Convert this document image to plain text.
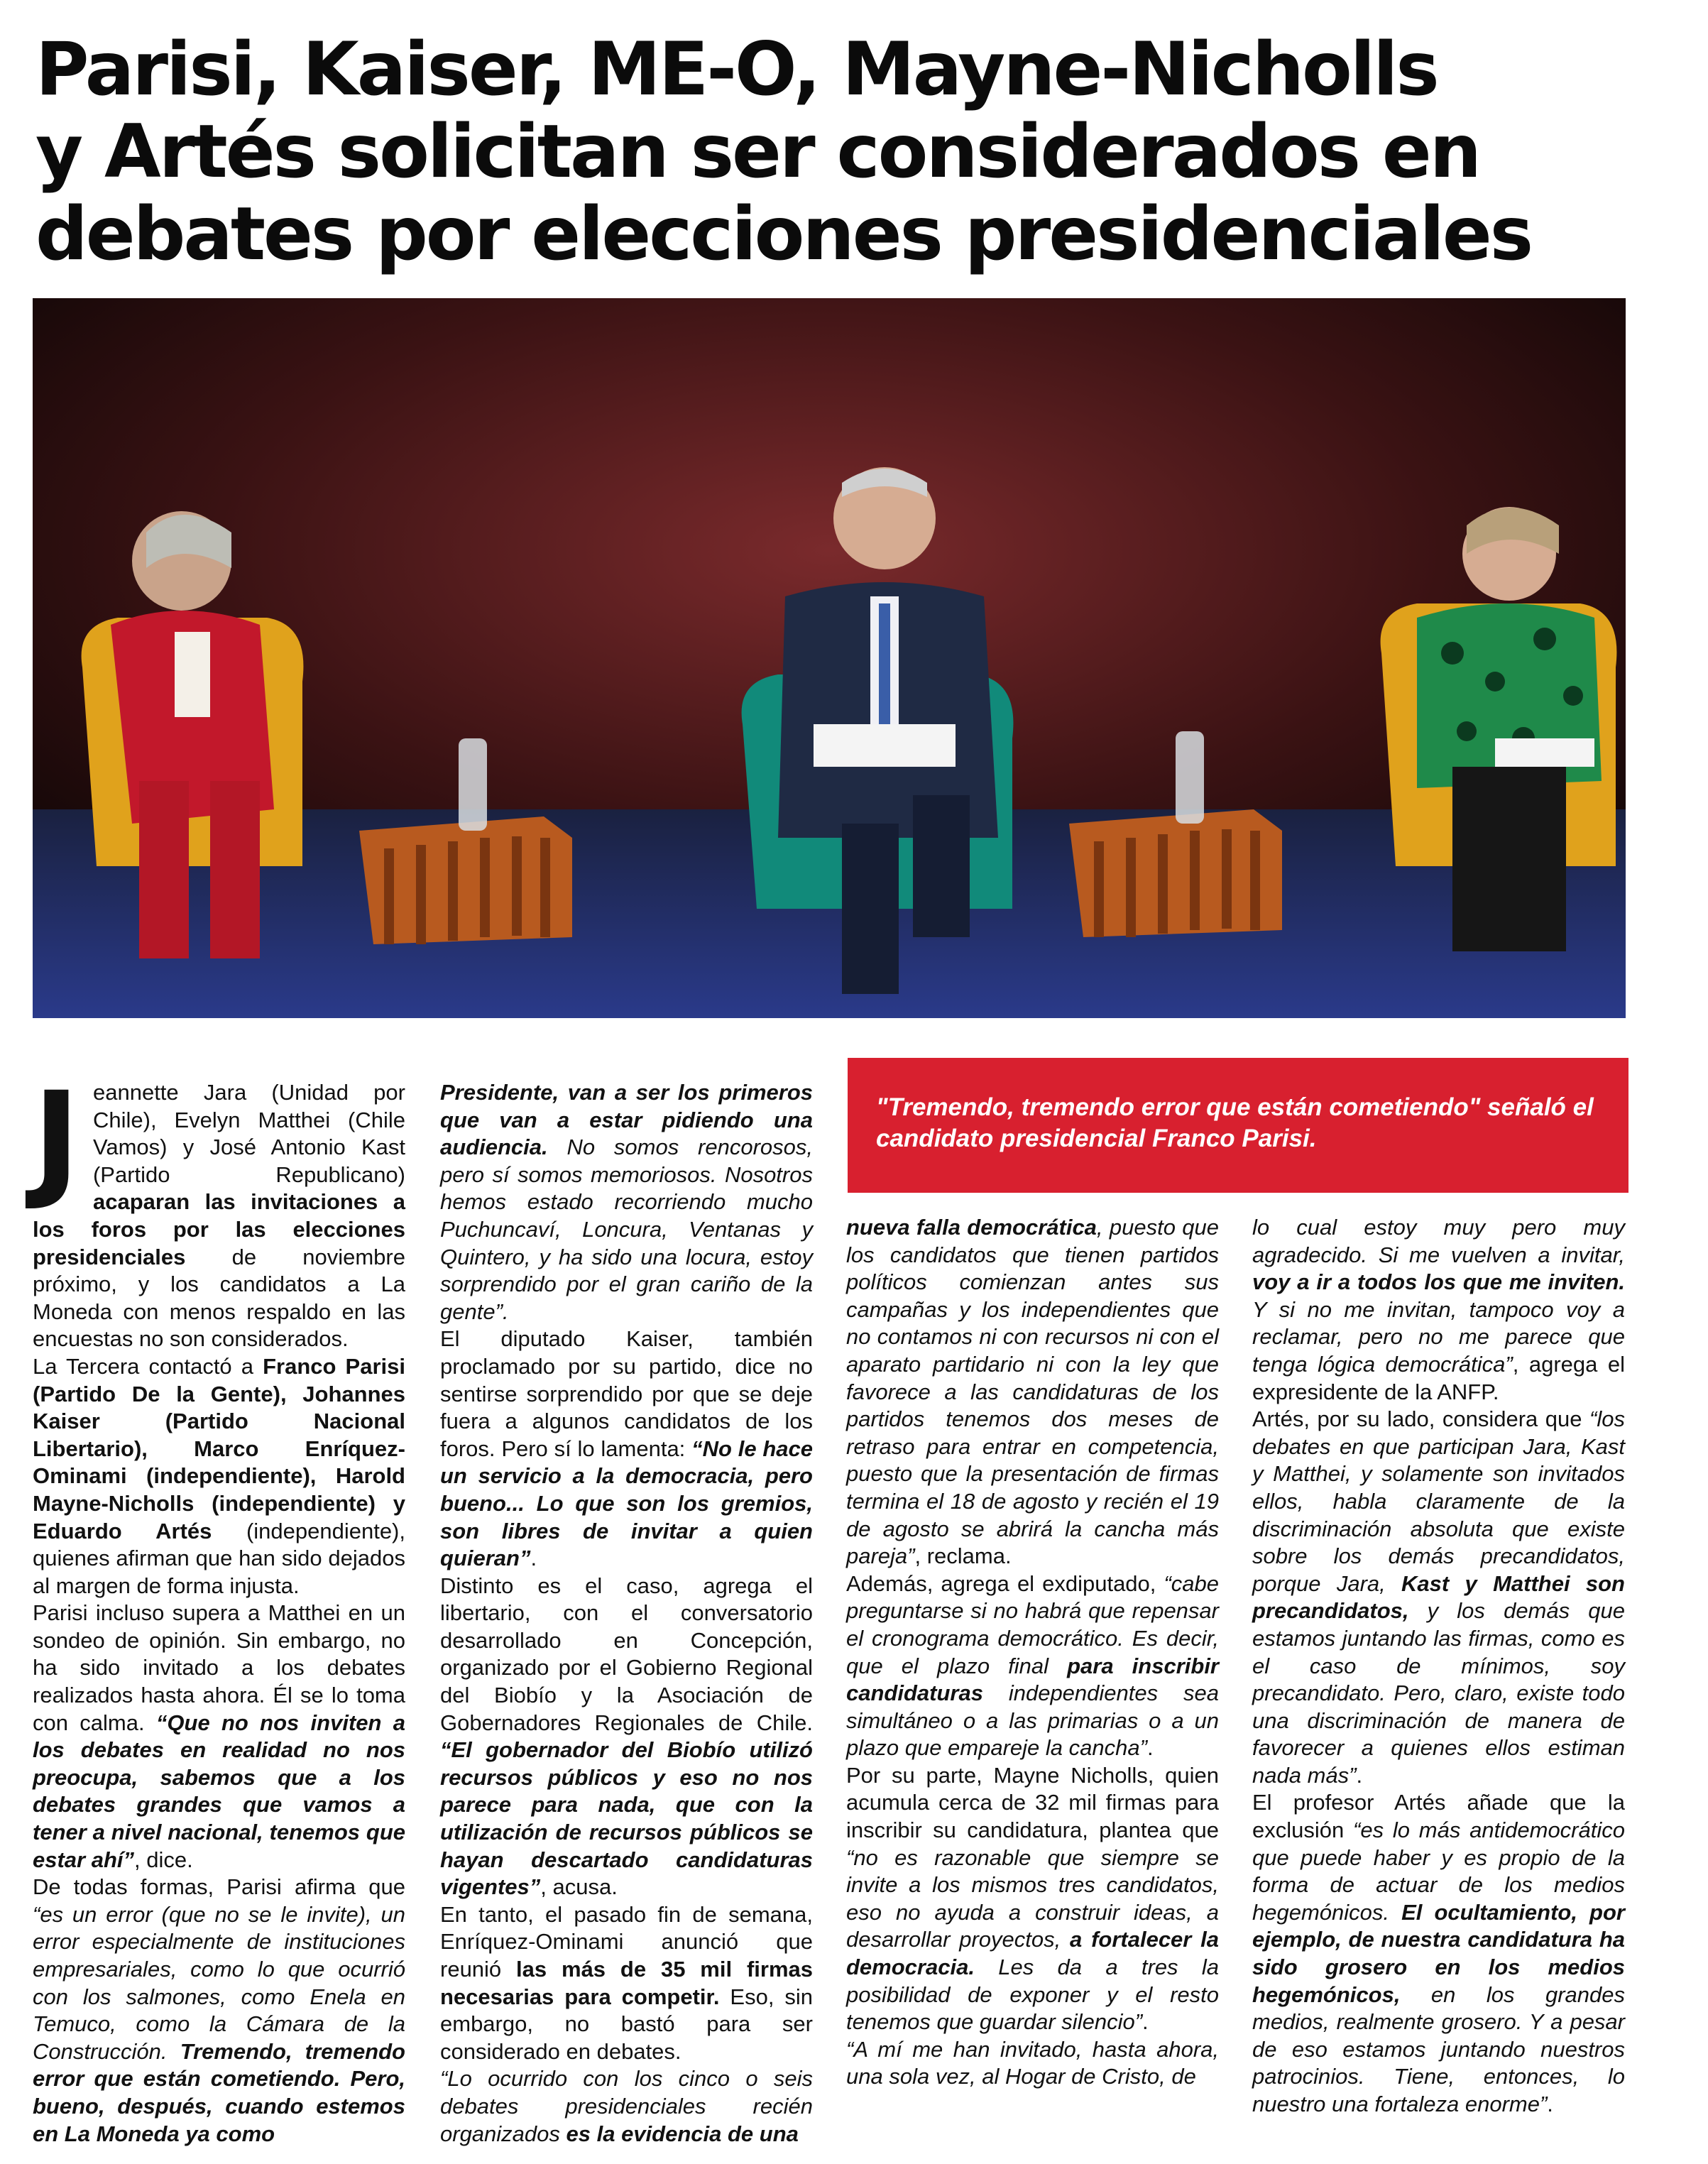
Parisi, Kaiser, ME-O, Mayne-Nicholls
y Artés solicitan ser considerados en
debates por elecciones presidenciales
J eannette Jara (Unidad por Chile), Evelyn Matthei (Chile Vamos) y José Antonio Kast (Partido Republicano) acaparan las invitaciones a los foros por las elecciones presidenciales de noviembre próximo, y los candidatos a La Moneda con menos respaldo en las encuestas no son considerados.

La Tercera contactó a Franco Parisi (Partido De la Gente), Johannes Kaiser (Partido Nacional Libertario), Marco Enríquez-Ominami (independiente), Harold Mayne-Nicholls (independiente) y Eduardo Artés (independiente), quienes afirman que han sido dejados al margen de forma injusta.

Parisi incluso supera a Matthei en un sondeo de opinión. Sin embargo, no ha sido invitado a los debates realizados hasta ahora. Él se lo toma con calma. “Que no nos inviten a los debates en realidad no nos preocupa, sabemos que a los debates grandes que vamos a tener a nivel nacional, tenemos que estar ahí”, dice.

De todas formas, Parisi afirma que “es un error (que no se le invite), un error especialmente de instituciones empresariales, como lo que ocurrió con los salmones, como Enela en Temuco, como la Cámara de la Construcción. Tremendo, tremendo error que están cometiendo. Pero, bueno, después, cuando estemos en La Moneda ya como

Presidente, van a ser los primeros que van a estar pidiendo una audiencia. No somos rencorosos, pero sí somos memoriosos. Nosotros hemos estado recorriendo mucho Puchuncaví, Loncura, Ventanas y Quintero, y ha sido una locura, estoy sorprendido por el gran cariño de la gente”.

El diputado Kaiser, también proclamado por su partido, dice no sentirse sorprendido por que se deje fuera a algunos candidatos de los foros. Pero sí lo lamenta: “No le hace un servicio a la democracia, pero bueno... Lo que son los gremios, son libres de invitar a quien quieran”.

Distinto es el caso, agrega el libertario, con el conversatorio desarrollado en Concepción, organizado por el Gobierno Regional del Biobío y la Asociación de Gobernadores Regionales de Chile. “El gobernador del Biobío utilizó recursos públicos y eso no nos parece para nada, que con la utilización de recursos públicos se hayan descartado candidaturas vigentes”, acusa.

En tanto, el pasado fin de semana, Enríquez-Ominami anunció que reunió las más de 35 mil firmas necesarias para competir. Eso, sin embargo, no bastó para ser considerado en debates.

“Lo ocurrido con los cinco o seis debates presidenciales recién organizados es la evidencia de una

"Tremendo, tremendo error que están cometiendo" señaló el candidato presidencial Franco Parisi.

nueva falla democrática, puesto que los candidatos que tienen partidos políticos comienzan antes sus campañas y los independientes que no contamos ni con recursos ni con el aparato partidario ni con la ley que favorece a las candidaturas de los partidos tenemos dos meses de retraso para entrar en competencia, puesto que la presentación de firmas termina el 18 de agosto y recién el 19 de agosto se abrirá la cancha más pareja”, reclama.

Además, agrega el exdiputado, “cabe preguntarse si no habrá que repensar el cronograma democrático. Es decir, que el plazo final para inscribir candidaturas independientes sea simultáneo o a las primarias o a un plazo que empareje la cancha”.

Por su parte, Mayne Nicholls, quien acumula cerca de 32 mil firmas para inscribir su candidatura, plantea que “no es razonable que siempre se invite a los mismos tres candidatos, eso no ayuda a construir ideas, a desarrollar proyectos, a fortalecer la democracia. Les da a tres la posibilidad de exponer y el resto tenemos que guardar silencio”.

“A mí me han invitado, hasta ahora, una sola vez, al Hogar de Cristo, de

lo cual estoy muy pero muy agradecido. Si me vuelven a invitar, voy a ir a todos los que me inviten. Y si no me invitan, tampoco voy a reclamar, pero no me parece que tenga lógica democrática”, agrega el expresidente de la ANFP.

Artés, por su lado, considera que “los debates en que participan Jara, Kast y Matthei, y solamente son invitados ellos, habla claramente de la discriminación absoluta que existe sobre los demás precandidatos, porque Jara, Kast y Matthei son precandidatos, y los demás que estamos juntando las firmas, como es el caso de mínimos, soy precandidato. Pero, claro, existe todo una discriminación de manera de favorecer a quienes ellos estiman nada más”.

El profesor Artés añade que la exclusión “es lo más antidemocrático que puede haber y es propio de la forma de actuar de los medios hegemónicos. El ocultamiento, por ejemplo, de nuestra candidatura ha sido grosero en los medios hegemónicos, en los grandes medios, realmente grosero. Y a pesar de eso estamos juntando nuestros patrocinios. Tiene, entonces, lo nuestro una fortaleza enorme”.
